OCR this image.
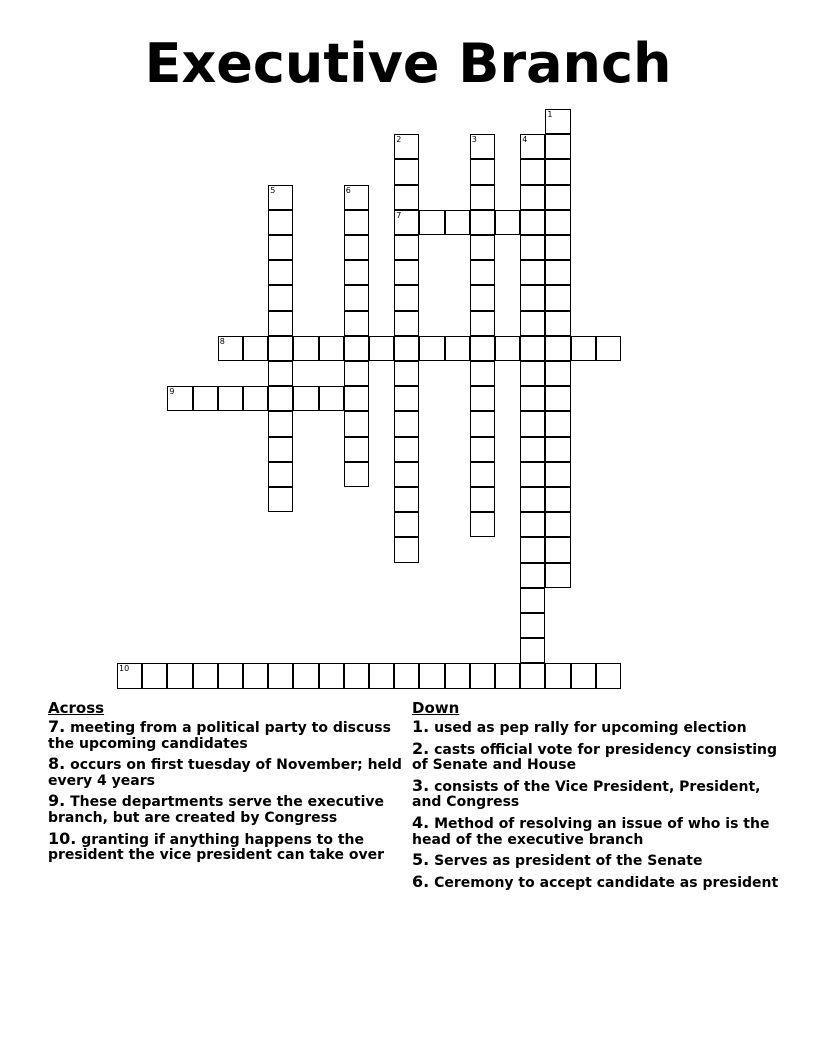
Executive Branch
1
2
7
3	4
5	6
8
9
10
Across
7. meeting from a political party to discuss the upcoming candidates
8. occurs on first tuesday of November; held every 4 years
9. These departments serve the executive branch, but are created by Congress
10. granting if anything happens to the president the vice president can take over
Down
1. used as pep rally for upcoming election
2. casts official vote for presidency consisting of Senate and House
3. consists of the Vice President, President, and Congress
4. Method of resolving an issue of who is the head of the executive branch
5. Serves as president of the Senate
6. Ceremony to accept candidate as president
